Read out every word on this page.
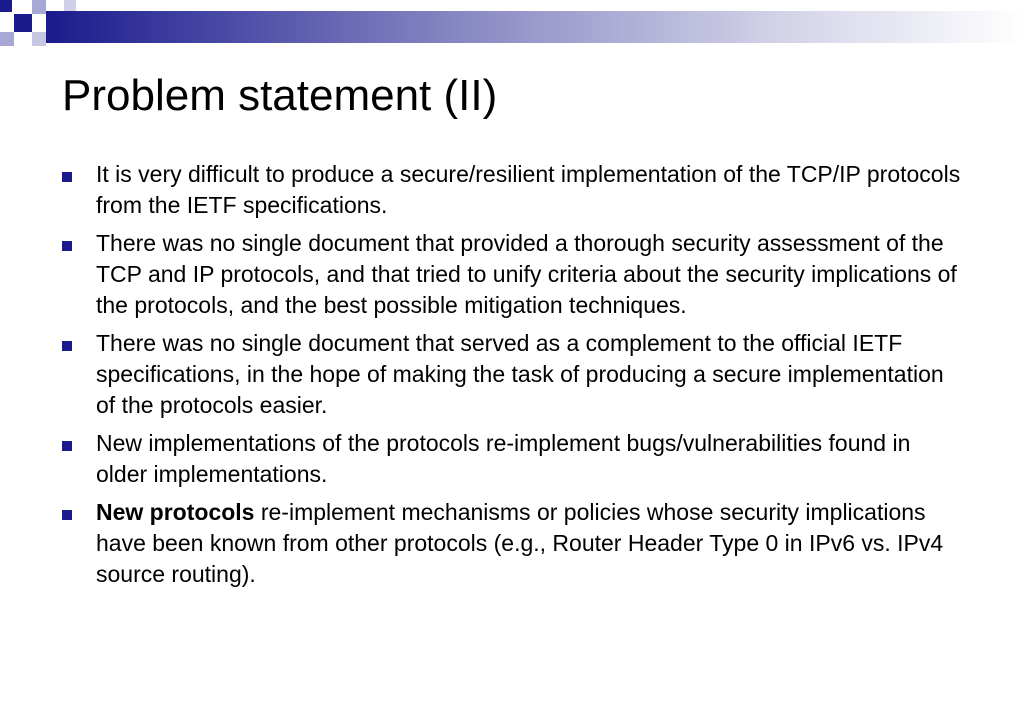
Problem statement (II)
It is very difficult to produce a secure/resilient implementation of the TCP/IP protocols from the IETF specifications.
There was no single document that provided a thorough security assessment of the TCP and IP protocols, and that tried to unify criteria about the security implications of the protocols, and the best possible mitigation techniques.
There was no single document that served as a complement to the official IETF specifications, in the hope of making the task of producing a secure implementation of the protocols easier.
New implementations of the protocols re-implement bugs/vulnerabilities found in older implementations.
New protocols re-implement mechanisms or policies whose security implications have been known from other protocols (e.g., Router Header Type 0 in IPv6 vs. IPv4 source routing).
